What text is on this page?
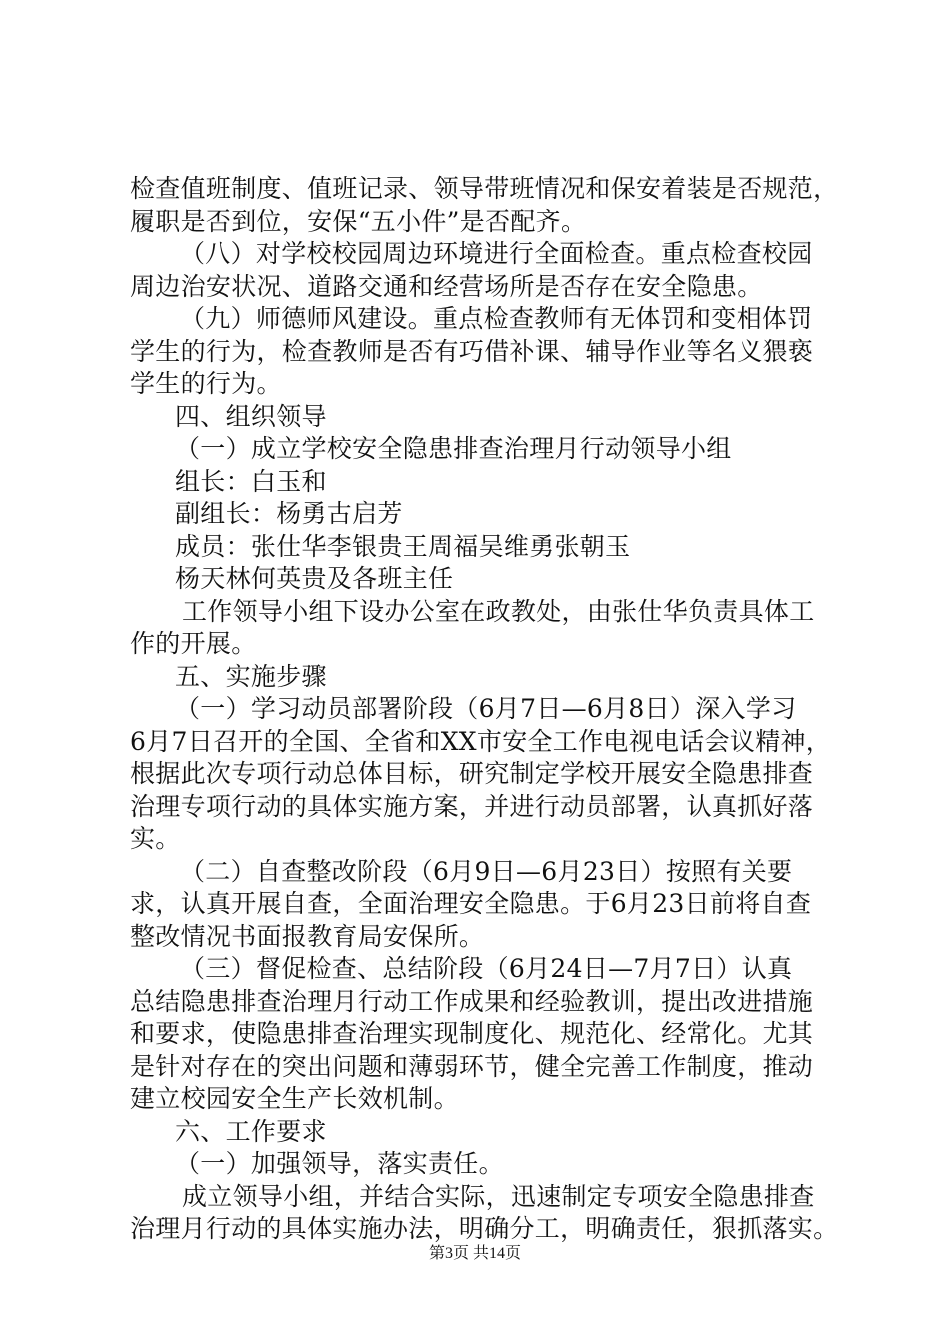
检查值班制度、值班记录、领导带班情况和保安着装是否规范，
履职是否到位，安保“五小件”是否配齐。
（八）对学校校园周边环境进行全面检查。重点检查校园
周边治安状况、道路交通和经营场所是否存在安全隐患。
（九）师德师风建设。重点检查教师有无体罚和变相体罚
学生的行为，检查教师是否有巧借补课、辅导作业等名义猥亵
学生的行为。
四、组织领导
（一）成立学校安全隐患排查治理月行动领导小组
组长：白玉和
副组长：杨勇古启芳
成员：张仕华李银贵王周福吴维勇张朝玉
杨天林何英贵及各班主任
工作领导小组下设办公室在政教处，由张仕华负责具体工
作的开展。
五、实施步骤
（一）学习动员部署阶段（6月7日—6月8日）深入学习
6月7日召开的全国、全省和XX市安全工作电视电话会议精神，
根据此次专项行动总体目标，研究制定学校开展安全隐患排查
治理专项行动的具体实施方案，并进行动员部署，认真抓好落
实。
（二）自查整改阶段（6月9日—6月23日）按照有关要
求，认真开展自查，全面治理安全隐患。于6月23日前将自查
整改情况书面报教育局安保所。
（三）督促检查、总结阶段（6月24日—7月7日）认真
总结隐患排查治理月行动工作成果和经验教训，提出改进措施
和要求，使隐患排查治理实现制度化、规范化、经常化。尤其
是针对存在的突出问题和薄弱环节，健全完善工作制度，推动
建立校园安全生产长效机制。
六、工作要求
（一）加强领导，落实责任。
成立领导小组，并结合实际，迅速制定专项安全隐患排查
治理月行动的具体实施办法，明确分工，明确责任，狠抓落实。
第3页 共14页
